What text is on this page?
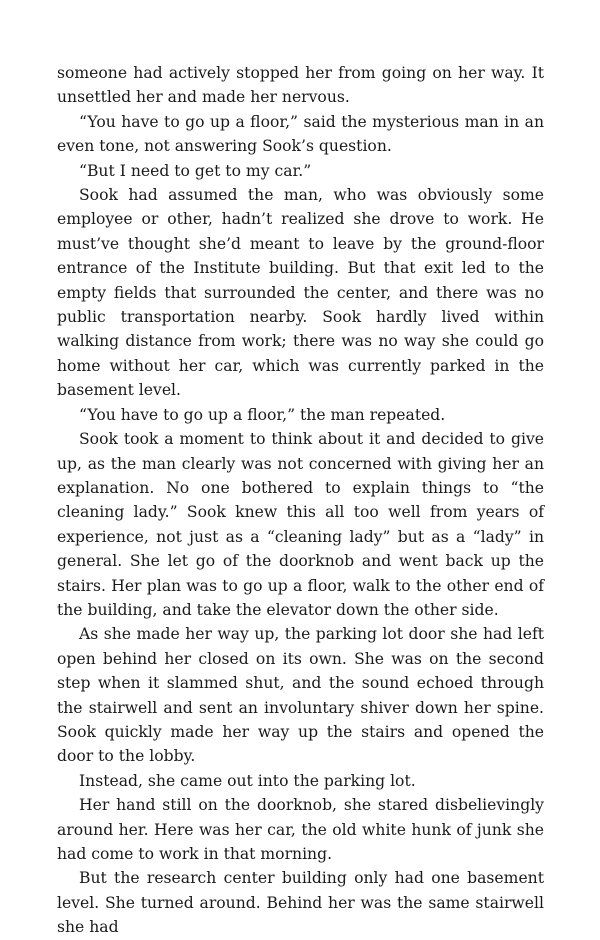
someone had actively stopped her from going on her way. It unsettled her and made her nervous.

“You have to go up a floor,” said the mysterious man in an even tone, not answering Sook’s question.

“But I need to get to my car.”

Sook had assumed the man, who was obviously some employee or other, hadn’t realized she drove to work. He must’ve thought she’d meant to leave by the ground-floor entrance of the Institute building. But that exit led to the empty fields that surrounded the center, and there was no public transportation nearby. Sook hardly lived within walking distance from work; there was no way she could go home without her car, which was currently parked in the basement level.

“You have to go up a floor,” the man repeated.

Sook took a moment to think about it and decided to give up, as the man clearly was not concerned with giving her an explanation. No one bothered to explain things to “the cleaning lady.” Sook knew this all too well from years of experience, not just as a “cleaning lady” but as a “lady” in general. She let go of the doorknob and went back up the stairs. Her plan was to go up a floor, walk to the other end of the building, and take the elevator down the other side.

As she made her way up, the parking lot door she had left open behind her closed on its own. She was on the second step when it slammed shut, and the sound echoed through the stairwell and sent an involuntary shiver down her spine. Sook quickly made her way up the stairs and opened the door to the lobby.

Instead, she came out into the parking lot.

Her hand still on the doorknob, she stared disbelievingly around her. Here was her car, the old white hunk of junk she had come to work in that morning.

But the research center building only had one basement level. She turned around. Behind her was the same stairwell she had
